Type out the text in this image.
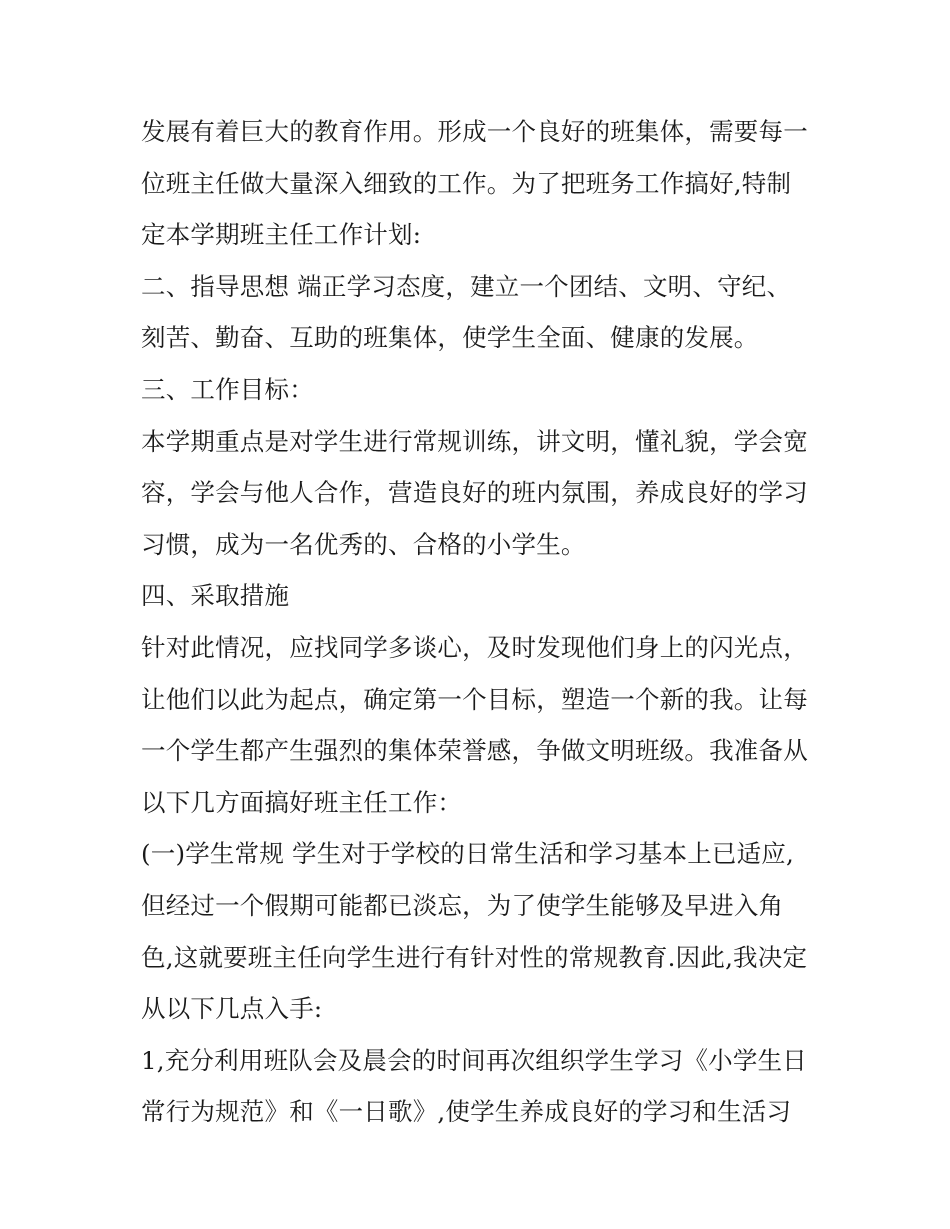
发展有着巨大的教育作用。形成一个良好的班集体，需要每一
位班主任做大量深入细致的工作。为了把班务工作搞好,特制
定本学期班主任工作计划:
二、指导思想 端正学习态度，建立一个团结、文明、守纪、
刻苦、勤奋、互助的班集体，使学生全面、健康的发展。
三、工作目标：
本学期重点是对学生进行常规训练，讲文明，懂礼貌，学会宽
容，学会与他人合作，营造良好的班内氛围，养成良好的学习
习惯，成为一名优秀的、合格的小学生。
四、采取措施
针对此情况，应找同学多谈心，及时发现他们身上的闪光点，
让他们以此为起点，确定第一个目标，塑造一个新的我。让每
一个学生都产生强烈的集体荣誉感，争做文明班级。我准备从
以下几方面搞好班主任工作：
(一)学生常规 学生对于学校的日常生活和学习基本上已适应,
但经过一个假期可能都已淡忘，为了使学生能够及早进入角
色,这就要班主任向学生进行有针对性的常规教育.因此,我决定
从以下几点入手:
1,充分利用班队会及晨会的时间再次组织学生学习《小学生日
常行为规范》和《一日歌》,使学生养成良好的学习和生活习
